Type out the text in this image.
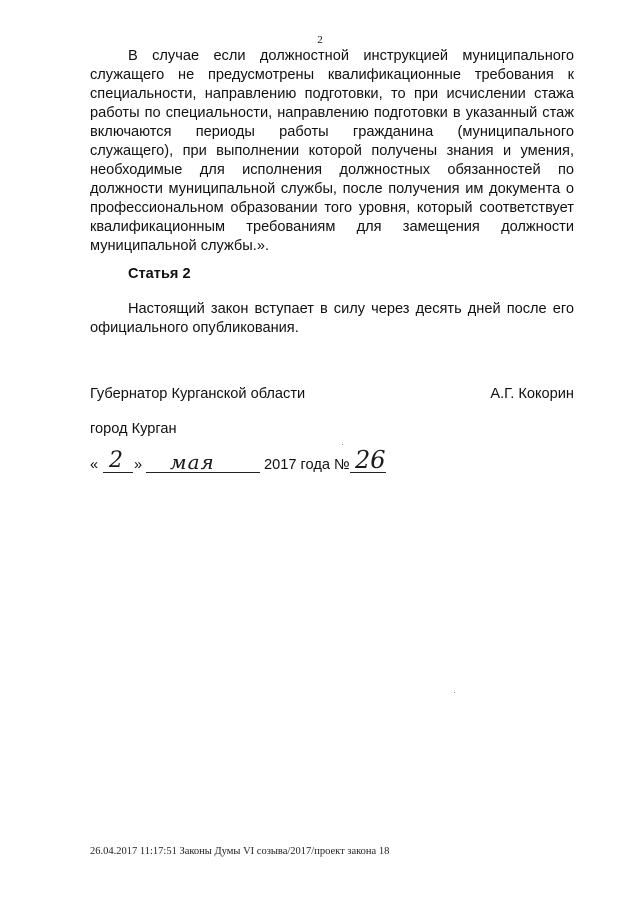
2

В случае если должностной инструкцией муниципального служащего не предусмотрены квалификационные требования к специальности, направлению подготовки, то при исчислении стажа работы по специальности, направлению подготовки в указанный стаж включаются периоды работы гражданина (муниципального служащего), при выполнении которой получены знания и умения, необходимые для исполнения должностных обязанностей по должности муниципальной службы, после получения им документа о профессиональном образовании того уровня, который соответствует квалификационным требованиям для замещения должности муниципальной службы.».

Статья 2

Настоящий закон вступает в силу через десять дней после его официального опубликования.

Губернатор Курганской области	А.Г. Кокорин
город Курган
« 2 » мая	2017 года № 26
26.04.2017 11:17:51 Законы Думы VI созыва/2017/проект закона 18
